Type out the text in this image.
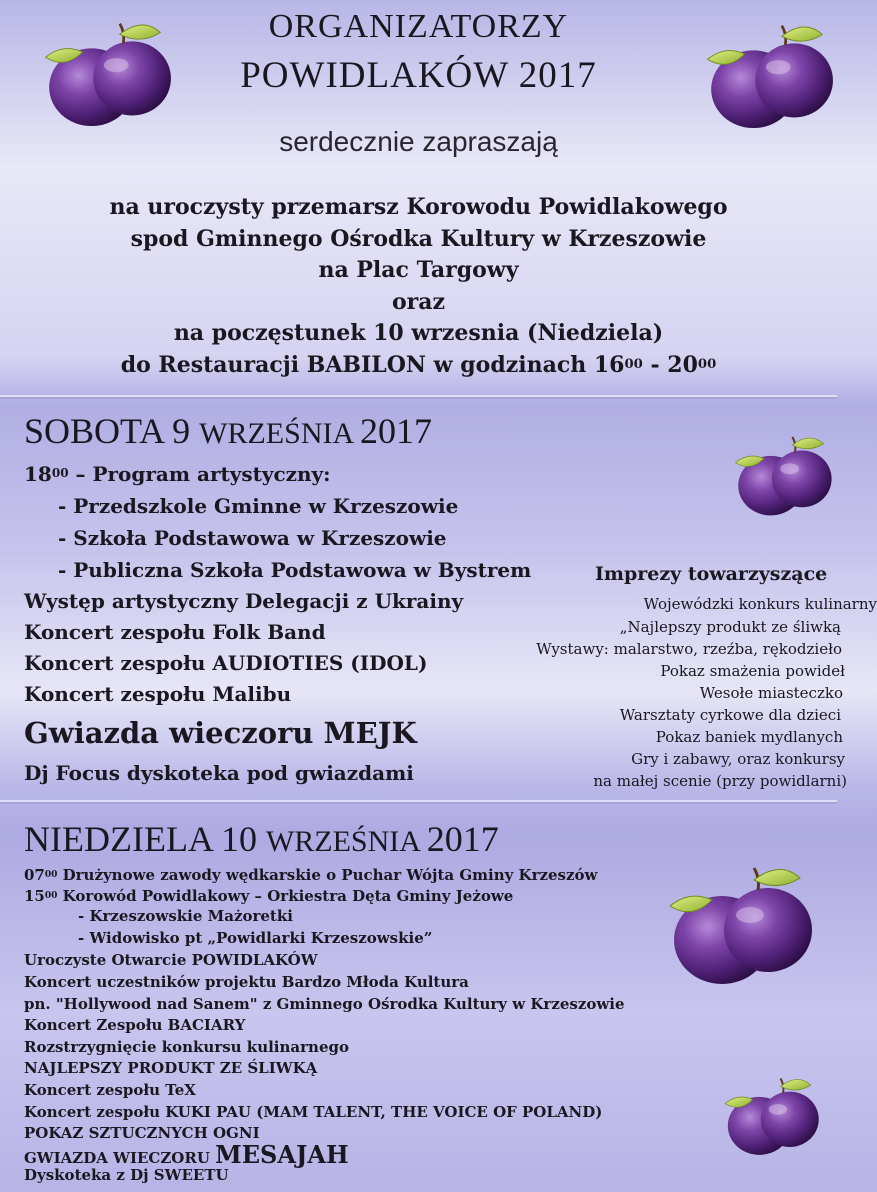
ORGANIZATORZY
POWIDLAKÓW 2017
serdecznie zapraszają
na uroczysty przemarsz Korowodu Powidlakowego
spod Gminnego Ośrodka Kultury w Krzeszowie
na Plac Targowy
oraz
na poczęstunek 10 wrzesnia (Niedziela)
do Restauracji BABILON w godzinach $16^{00} - 20^{00}$
SOBOTA 9 WRZEŚNIA 2017
$18^{00}$ – Program artystyczny:
- Przedszkole Gminne w Krzeszowie
- Szkoła Podstawowa w Krzeszowie
- Publiczna Szkoła Podstawowa w Bystrem
Występ artystyczny Delegacji z Ukrainy
Koncert zespołu Folk Band
Koncert zespołu AUDIOTIES (IDOL)
Koncert zespołu Malibu
Gwiazda wieczoru MEJK
Dj Focus dyskoteka pod gwiazdami
Imprezy towarzyszące
Wojewódzki konkurs kulinarny
„Najlepszy produkt ze śliwką
Wystawy: malarstwo, rzeźba, rękodzieło
Pokaz smażenia powideł
Wesołe miasteczko
Warsztaty cyrkowe dla dzieci
Pokaz baniek mydlanych
Gry i zabawy, oraz konkursy
na małej scenie (przy powidlarni)
NIEDZIELA 10 WRZEŚNIA 2017
$07^{00}$ Drużynowe zawody wędkarskie o Puchar Wójta Gminy Krzeszów
$15^{00}$ Korowód Powidlakowy – Orkiestra Dęta Gminy Jeżowe
- Krzeszowskie Mażoretki
- Widowisko pt „Powidlarki Krzeszowskie”
Uroczyste Otwarcie POWIDLAKÓW
Koncert uczestników projektu Bardzo Młoda Kultura
pn. "Hollywood nad Sanem" z Gminnego Ośrodka Kultury w Krzeszowie
Koncert Zespołu BACIARY
Rozstrzygnięcie konkursu kulinarnego
NAJLEPSZY PRODUKT ZE ŚLIWKĄ
Koncert zespołu TeX
Koncert zespołu KUKI PAU (MAM TALENT, THE VOICE OF POLAND)
POKAZ SZTUCZNYCH OGNI
GWIAZDA WIECZORU MESAJAH
Dyskoteka z Dj SWEETU
